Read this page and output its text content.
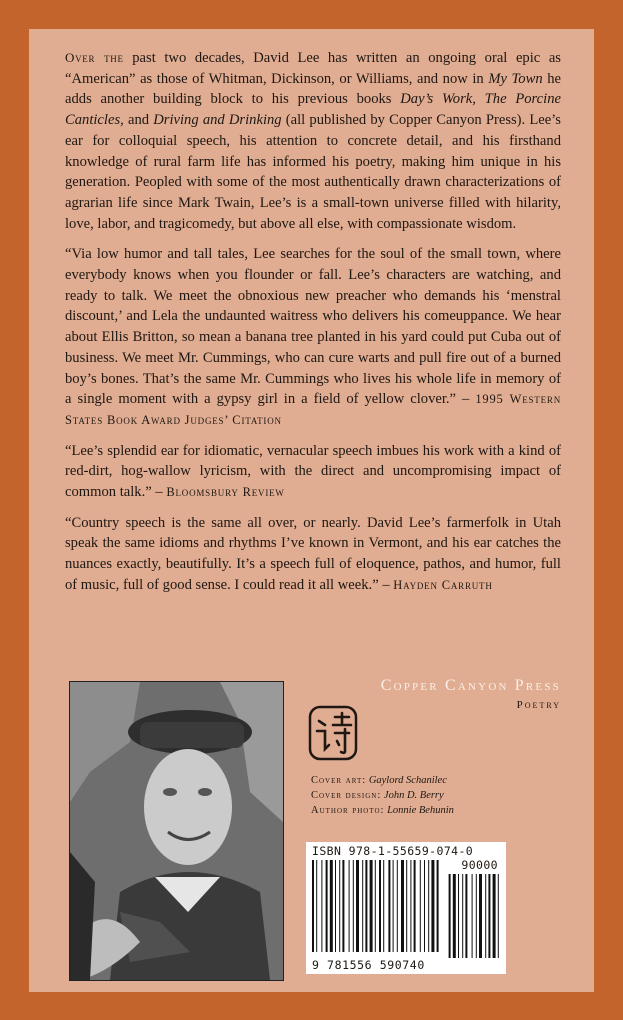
Over the past two decades, David Lee has written an ongoing oral epic as “American” as those of Whitman, Dickinson, or Williams, and now in My Town he adds another building block to his previous books Day’s Work, The Porcine Canticles, and Driving and Drinking (all published by Copper Canyon Press). Lee’s ear for colloquial speech, his attention to concrete detail, and his firsthand knowledge of rural farm life has informed his poetry, making him unique in his generation. Peopled with some of the most authentically drawn characterizations of agrarian life since Mark Twain, Lee’s is a small-town universe filled with hilarity, love, labor, and tragicomedy, but above all else, with compassionate wisdom.

“Via low humor and tall tales, Lee searches for the soul of the small town, where everybody knows when you flounder or fall. Lee’s characters are watching, and ready to talk. We meet the obnoxious new preacher who demands his ‘menstral discount,’ and Lela the undaunted waitress who delivers his comeuppance. We hear about Ellis Britton, so mean a banana tree planted in his yard could put Cuba out of business. We meet Mr. Cummings, who can cure warts and pull fire out of a burned boy’s bones. That’s the same Mr. Cummings who lives his whole life in memory of a single moment with a gypsy girl in a field of yellow clover.” – 1995 Western States Book Award Judges’ Citation

“Lee’s splendid ear for idiomatic, vernacular speech imbues his work with a kind of red-dirt, hog-wallow lyricism, with the direct and uncompromising impact of common talk.” – Bloomsbury Review

“Country speech is the same all over, or nearly. David Lee’s farmerfolk in Utah speak the same idioms and rhythms I’ve known in Vermont, and his ear catches the nuances exactly, beautifully. It’s a speech full of eloquence, pathos, and humor, full of music, full of good sense. I could read it all week.” – Hayden Carruth

Copper Canyon Press
Poetry
Cover art: Gaylord Schanilec
Cover design: John D. Berry
Author photo: Lonnie Behunin
ISBN 978-1-55659-074-0
90000
9 781556 590740
